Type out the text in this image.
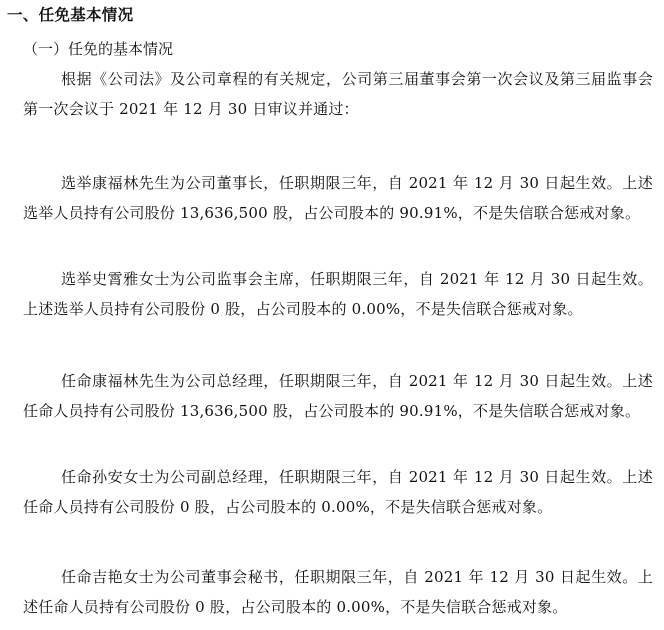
一、任免基本情况
（一）任免的基本情况

根据《公司法》及公司章程的有关规定，公司第三届董事会第一次会议及第三届监事会第一次会议于 2021 年 12 月 30 日审议并通过：

选举康福林先生为公司董事长，任职期限三年，自 2021 年 12 月 30 日起生效。上述选举人员持有公司股份 13,636,500 股，占公司股本的 90.91%，不是失信联合惩戒对象。

选举史霄雅女士为公司监事会主席，任职期限三年，自 2021 年 12 月 30 日起生效。上述选举人员持有公司股份 0 股，占公司股本的 0.00%，不是失信联合惩戒对象。

任命康福林先生为公司总经理，任职期限三年，自 2021 年 12 月 30 日起生效。上述任命人员持有公司股份 13,636,500 股，占公司股本的 90.91%，不是失信联合惩戒对象。

任命孙安女士为公司副总经理，任职期限三年，自 2021 年 12 月 30 日起生效。上述任命人员持有公司股份 0 股，占公司股本的 0.00%，不是失信联合惩戒对象。

任命吉艳女士为公司董事会秘书，任职期限三年，自 2021 年 12 月 30 日起生效。上述任命人员持有公司股份 0 股，占公司股本的 0.00%，不是失信联合惩戒对象。
